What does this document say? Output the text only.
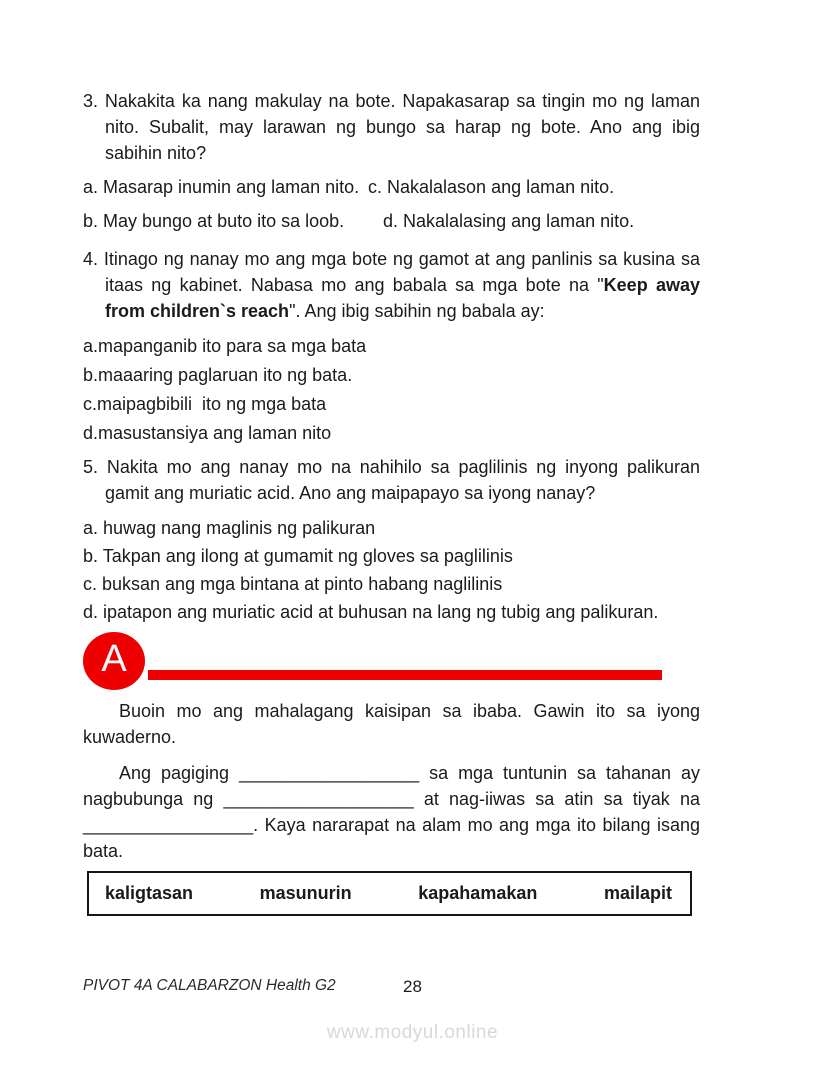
3. Nakakita ka nang makulay na bote. Napakasarap sa tingin mo ng laman nito. Subalit, may larawan ng bungo sa harap ng bote. Ano ang ibig sabihin nito?
a. Masarap inumin ang laman nito. c. Nakalalason ang laman nito.
b. May bungo at buto ito sa loob. d. Nakalalasing ang laman nito.
4. Itinago ng nanay mo ang mga bote ng gamot at ang panlinis sa kusina sa itaas ng kabinet. Nabasa mo ang babala sa mga bote na "Keep away from children`s reach". Ang ibig sabihin ng babala ay:
a.mapanganib ito para sa mga bata
b.maaaring paglaruan ito ng bata.
c.maipagbibili  ito ng mga bata
d.masustansiya ang laman nito
5. Nakita mo ang nanay mo na nahihilo sa paglilinis ng inyong palikuran gamit ang muriatic acid. Ano ang maipapayo sa iyong nanay?
a. huwag nang maglinis ng palikuran
b. Takpan ang ilong at gumamit ng gloves sa paglilinis
c. buksan ang mga bintana at pinto habang naglilinis
d. ipatapon ang muriatic acid at buhusan na lang ng tubig ang palikuran.
A
Buoin mo ang mahalagang kaisipan sa ibaba. Gawin ito sa iyong kuwaderno.
Ang pagiging __________________ sa mga tuntunin sa tahanan ay nagbubunga ng ___________________ at nag-iiwas sa atin sa tiyak na _________________. Kaya nararapat na alam mo ang mga ito bilang isang bata.
kaligtasan	masunurin	kapahamakan	mailapit
PIVOT 4A CALABARZON Health G2	28
www.modyul.online
